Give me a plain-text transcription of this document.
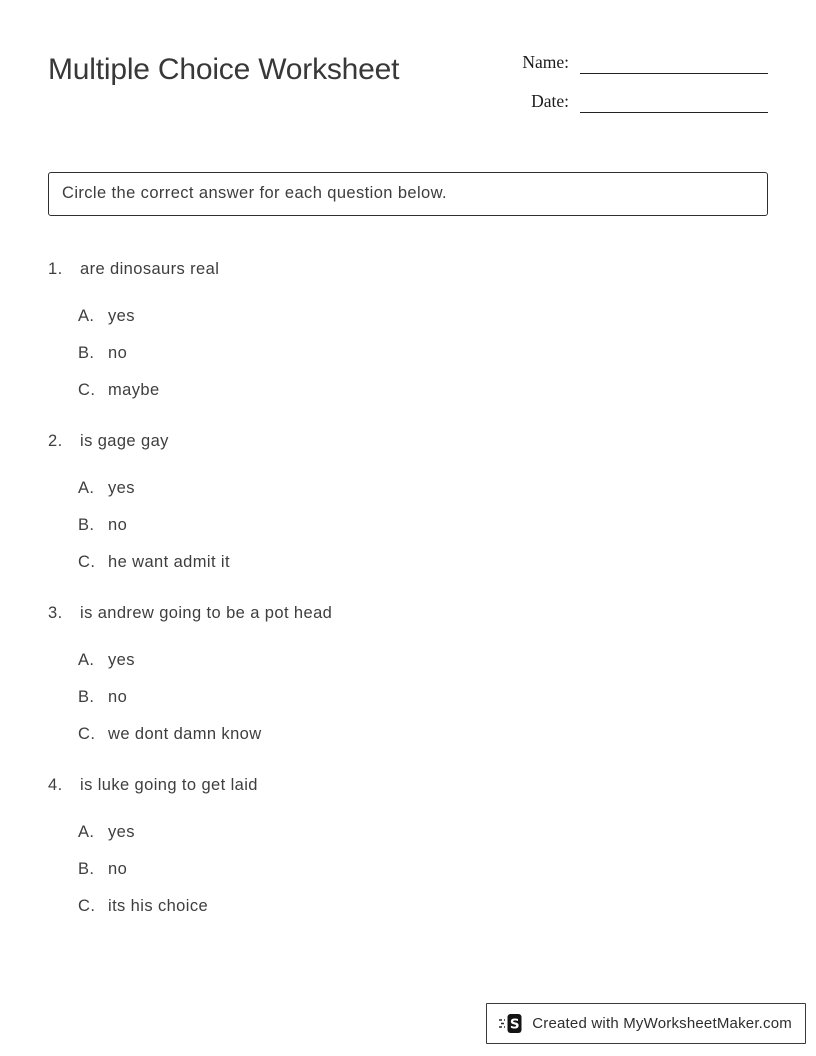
Multiple Choice Worksheet	Name:
Date:
Circle the correct answer for each question below.
1.	are dinosaurs real
A. yes
B. no
C. maybe
2.	is gage gay
A. yes
B. no
C. he want admit it
3.	is andrew going to be a pot head
A. yes
B. no
C. we dont damn know
4.	is luke going to get laid
A. yes
B. no
C. its his choice
S Created with MyWorksheetMaker.com
